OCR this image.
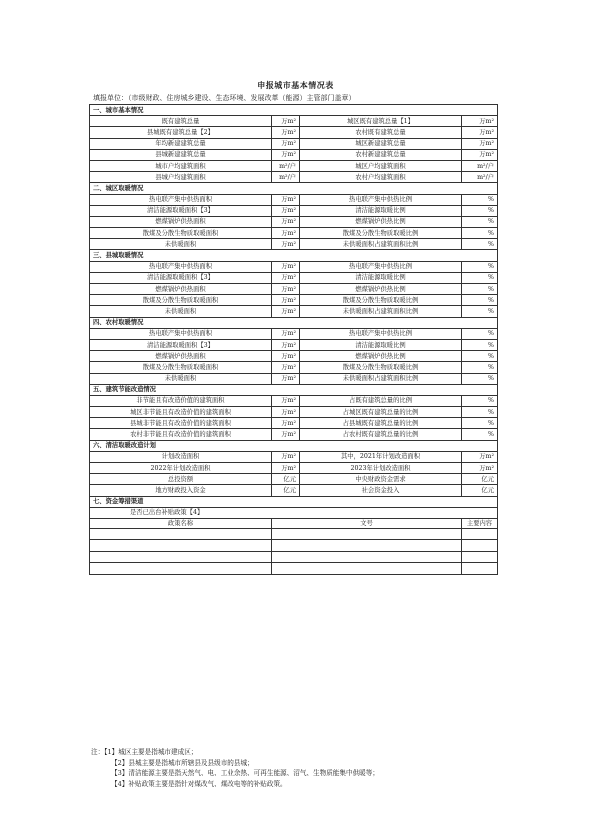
申报城市基本情况表
填报单位：（市级财政、住房城乡建设、生态环境、发展改革（能源）主管部门盖章）
一、城市基本情况			
既有建筑总量	万m²	城区既有建筑总量【1】	万m²
县城既有建筑总量【2】	万m²	农村既有建筑总量	万m²
年均新建建筑总量	万m²	城区新建建筑总量	万m²
县城新建建筑总量	万m²	农村新建建筑总量	万m²
城市户均建筑面积	m²/户	城区户均建筑面积	m²/户
县城户均建筑面积	m²/户	农村户均建筑面积	m²/户
二、城区取暖情况			
热电联产集中供热面积	万m²	热电联产集中供热比例	%
清洁能源取暖面积【3】	万m²	清洁能源取暖比例	%
燃煤锅炉供热面积	万m²	燃煤锅炉供热比例	%
散煤及分散生物质取暖面积	万m²	散煤及分散生物质取暖比例	%
未供暖面积	万m²	未供暖面积占建筑面积比例	%
三、县城取暖情况			
热电联产集中供热面积	万m²	热电联产集中供热比例	%
清洁能源取暖面积【3】	万m²	清洁能源取暖比例	%
燃煤锅炉供热面积	万m²	燃煤锅炉供热比例	%
散煤及分散生物质取暖面积	万m²	散煤及分散生物质取暖比例	%
未供暖面积	万m²	未供暖面积占建筑面积比例	%
四、农村取暖情况			
热电联产集中供热面积	万m²	热电联产集中供热比例	%
清洁能源取暖面积【3】	万m²	清洁能源取暖比例	%
燃煤锅炉供热面积	万m²	燃煤锅炉供热比例	%
散煤及分散生物质取暖面积	万m²	散煤及分散生物质取暖比例	%
未供暖面积	万m²	未供暖面积占建筑面积比例	%
五、建筑节能改造情况			
非节能且有改造价值的建筑面积	万m²	占既有建筑总量的比例	%
城区非节能且有改造价值的建筑面积	万m²	占城区既有建筑总量的比例	%
县城非节能且有改造价值的建筑面积	万m²	占县城既有建筑总量的比例	%
农村非节能且有改造价值的建筑面积	万m²	占农村既有建筑总量的比例	%
六、清洁取暖改造计划			
计划改造面积	万m²	其中，2021年计划改造面积	万m²
2022年计划改造面积	万m²	2023年计划改造面积	万m²
总投资额	亿元	中央财政资金需求	亿元
地方财政投入资金	亿元	社会资金投入	亿元
七、资金筹措渠道			
是否已出台补贴政策【4】			
政策名称	文号		主要内容

注：【1】城区主要是指城市建成区；
【2】县城主要是指城市所辖县及县级市的县城；
【3】清洁能源主要是指天然气、电、工业余热、可再生能源、沼气、生物质能集中供暖等；
【4】补贴政策主要是指针对煤改气、煤改电等的补贴政策。
